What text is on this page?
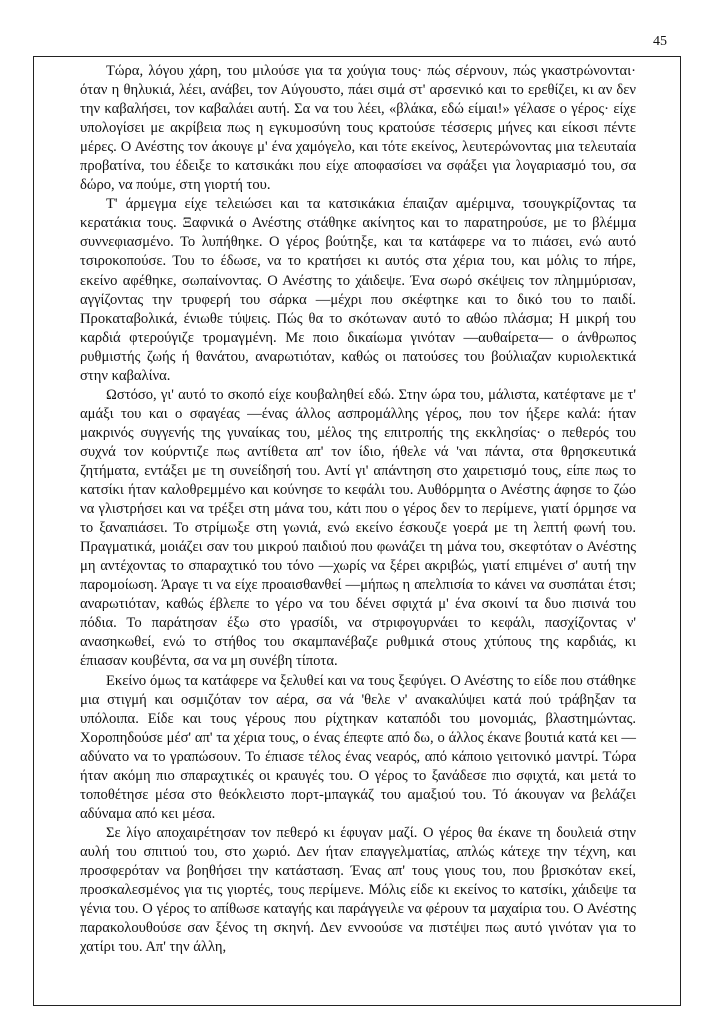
45

Τώρα, λόγου χάρη, του μιλούσε για τα χούγια τους· πώς σέρνουν, πώς γκαστρώνονται· όταν η θηλυκιά, λέει, ανάβει, τον Αύγουστο, πάει σιμά στ' αρσενικό και το ερεθίζει, κι αν δεν την καβαλήσει, τον καβαλάει αυτή. Σα να του λέει, «βλάκα, εδώ είμαι!» γέλασε ο γέρος· είχε υπολογίσει με ακρίβεια πως η εγκυμοσύνη τους κρατούσε τέσσερις μήνες και είκοσι πέντε μέρες. Ο Ανέστης τον άκουγε μ' ένα χαμόγελο, και τότε εκείνος, λευτερώνοντας μια τελευταία προβατίνα, του έδειξε το κατσικάκι που είχε αποφασίσει να σφάξει για λογαριασμό του, σα δώρο, να πούμε, στη γιορτή του.

Τ' άρμεγμα είχε τελειώσει και τα κατσικάκια έπαιζαν αμέριμνα, τσουγκρίζοντας τα κερατάκια τους. Ξαφνικά ο Ανέστης στάθηκε ακίνητος και το παρατηρούσε, με το βλέμμα συννεφιασμένο. Το λυπήθηκε. Ο γέρος βούτηξε, και τα κατάφερε να το πιάσει, ενώ αυτό τσιροκοπούσε. Του το έδωσε, να το κρατήσει κι αυτός στα χέρια του, και μόλις το πήρε, εκείνο αφέθηκε, σωπαίνοντας. Ο Ανέστης το χάιδεψε. Ένα σωρό σκέψεις τον πλημμύρισαν, αγγίζοντας την τρυφερή του σάρκα —μέχρι που σκέφτηκε και το δικό του το παιδί. Προκαταβολικά, ένιωθε τύψεις. Πώς θα το σκότωναν αυτό το αθώο πλάσμα; Η μικρή του καρδιά φτερούγιζε τρομαγμένη. Με ποιο δικαίωμα γινόταν —αυθαίρετα— ο άνθρωπος ρυθμιστής ζωής ή θανάτου, αναρωτιόταν, καθώς οι πατούσες του βούλιαζαν κυριολεκτικά στην καβαλίνα.

Ωστόσο, γι' αυτό το σκοπό είχε κουβαληθεί εδώ. Στην ώρα του, μάλιστα, κατέφτανε με τ' αμάξι του και ο σφαγέας —ένας άλλος ασπρομάλλης γέρος, που τον ήξερε καλά: ήταν μακρινός συγγενής της γυναίκας του, μέλος της επιτροπής της εκκλησίας· ο πεθερός του συχνά τον κούρντιζε πως αντίθετα απ' τον ίδιο, ήθελε νά 'ναι πάντα, στα θρησκευτικά ζητήματα, εντάξει με τη συνείδησή του. Αντί γι' απάντηση στο χαιρετισμό τους, είπε πως το κατσίκι ήταν καλοθρεμμένο και κούνησε το κεφάλι του. Αυθόρμητα ο Ανέστης άφησε το ζώο να γλιστρήσει και να τρέξει στη μάνα του, κάτι που ο γέρος δεν το περίμενε, γιατί όρμησε να το ξαναπιάσει. Το στρίμωξε στη γωνιά, ενώ εκείνο έσκουζε γοερά με τη λεπτή φωνή του. Πραγματικά, μοιάζει σαν του μικρού παιδιού που φωνάζει τη μάνα του, σκεφτόταν ο Ανέστης μη αντέχοντας το σπαραχτικό του τόνο —χωρίς να ξέρει ακριβώς, γιατί επιμένει σ' αυτή την παρομοίωση. Άραγε τι να είχε προαισθανθεί —μήπως η απελπισία το κάνει να συσπάται έτσι; αναρωτιόταν, καθώς έβλεπε το γέρο να του δένει σφιχτά μ' ένα σκοινί τα δυο πισινά του πόδια. Το παράτησαν έξω στο γρασίδι, να στριφογυρνάει το κεφάλι, πασχίζοντας ν' ανασηκωθεί, ενώ το στήθος του σκαμπανέβαζε ρυθμικά στους χτύπους της καρδιάς, κι έπιασαν κουβέντα, σα να μη συνέβη τίποτα.

Εκείνο όμως τα κατάφερε να ξελυθεί και να τους ξεφύγει. Ο Ανέστης το είδε που στάθηκε μια στιγμή και οσμιζόταν τον αέρα, σα νά 'θελε ν' ανακαλύψει κατά πού τράβηξαν τα υπόλοιπα. Είδε και τους γέρους που ρίχτηκαν καταπόδι του μονομιάς, βλαστημώντας. Χοροπηδούσε μέσ' απ' τα χέρια τους, ο ένας έπεφτε από δω, ο άλλος έκανε βουτιά κατά κει —αδύνατο να το γραπώσουν. Το έπιασε τέλος ένας νεαρός, από κάποιο γειτονικό μαντρί. Τώρα ήταν ακόμη πιο σπαραχτικές οι κραυγές του. Ο γέρος το ξανάδεσε πιο σφιχτά, και μετά το τοποθέτησε μέσα στο θεόκλειστο πορτ-μπαγκάζ του αμαξιού του. Τό άκουγαν να βελάζει αδύναμα από κει μέσα.

Σε λίγο αποχαιρέτησαν τον πεθερό κι έφυγαν μαζί. Ο γέρος θα έκανε τη δουλειά στην αυλή του σπιτιού του, στο χωριό. Δεν ήταν επαγγελματίας, απλώς κάτεχε την τέχνη, και προσφερόταν να βοηθήσει την κατάσταση. Ένας απ' τους γιους του, που βρισκόταν εκεί, προσκαλεσμένος για τις γιορτές, τους περίμενε. Μόλις είδε κι εκείνος το κατσίκι, χάιδεψε τα γένια του. Ο γέρος το απίθωσε καταγής και παράγγειλε να φέρουν τα μαχαίρια του. Ο Ανέστης παρακολουθούσε σαν ξένος τη σκηνή. Δεν εννοούσε να πιστέψει πως αυτό γινόταν για το χατίρι του. Απ' την άλλη,
